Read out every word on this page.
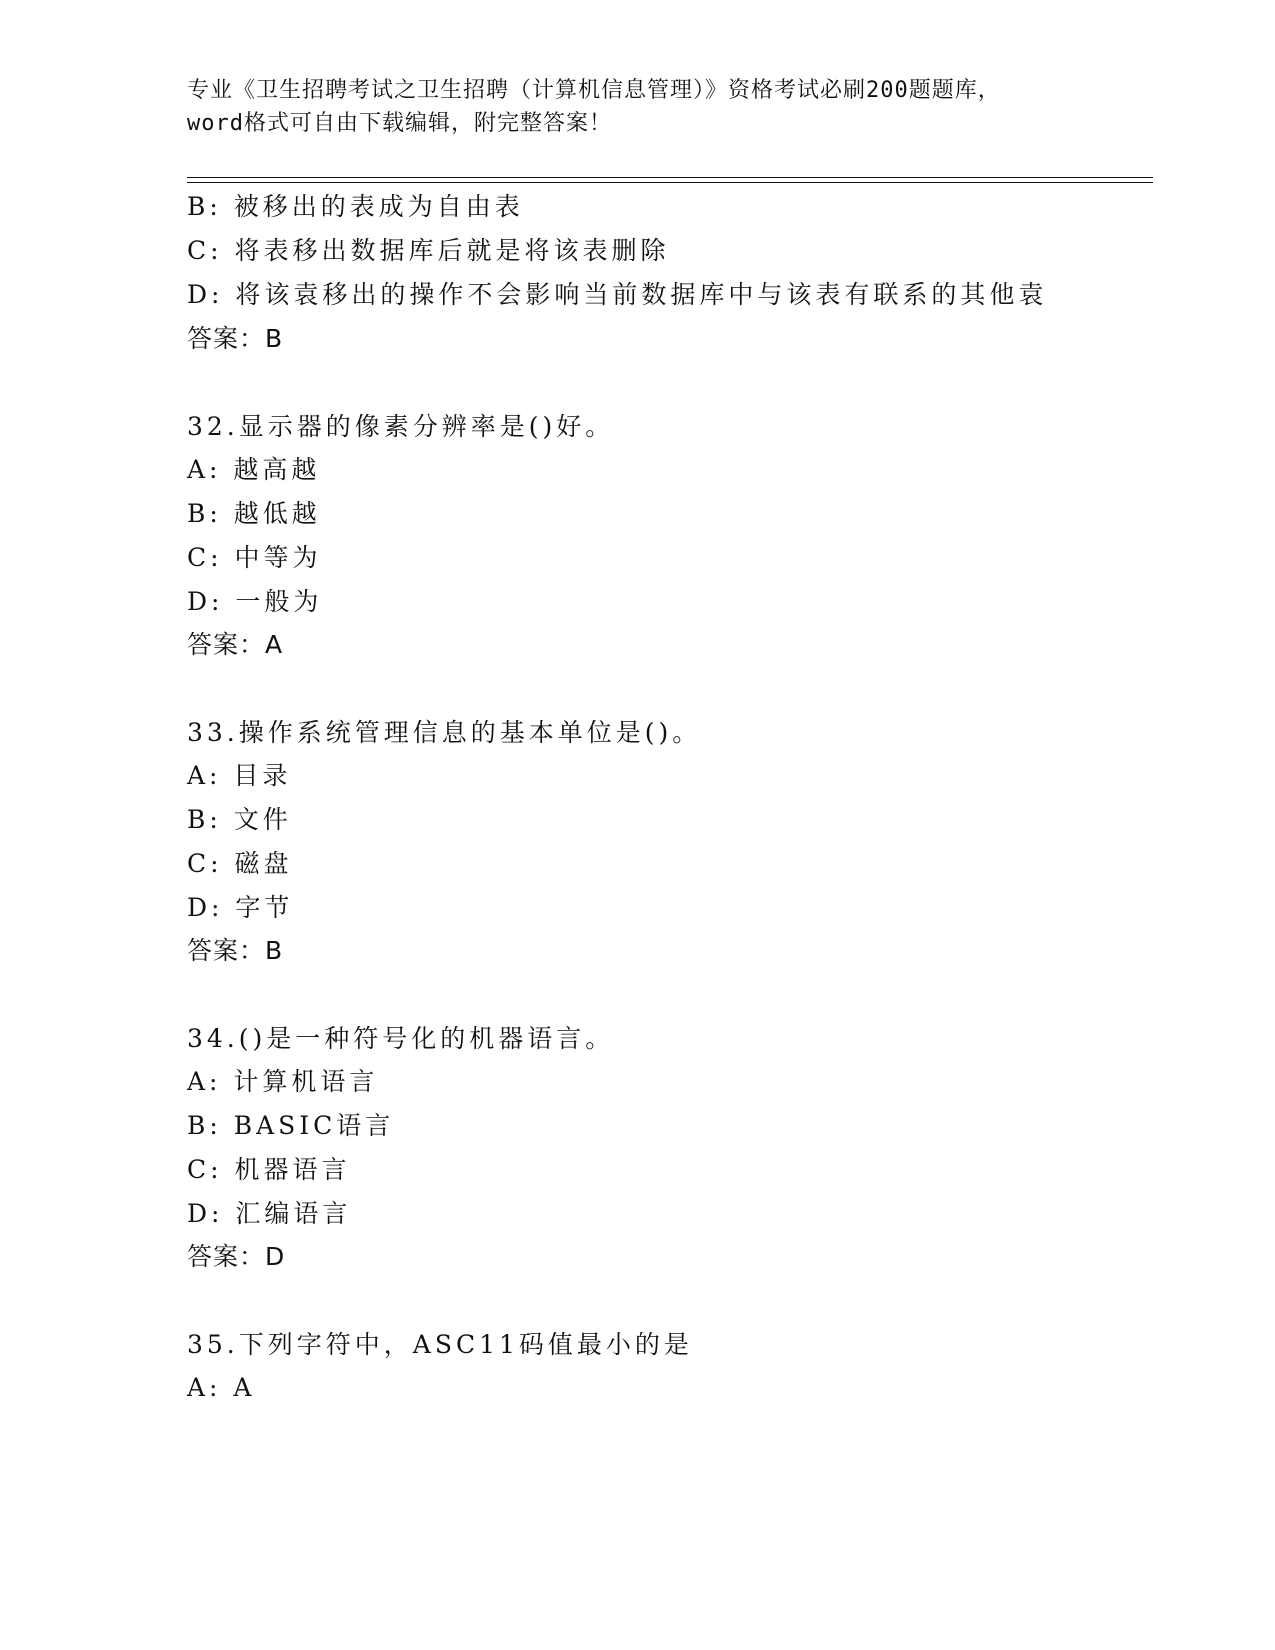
专业《卫生招聘考试之卫生招聘（计算机信息管理）》资格考试必刷200题题库，
word格式可自由下载编辑，附完整答案！
B: 被移出的表成为自由表
C: 将表移出数据库后就是将该表删除
D: 将该袁移出的操作不会影响当前数据库中与该表有联系的其他袁
答案：B
32.显示器的像素分辨率是()好。
A: 越高越
B: 越低越
C: 中等为
D: 一般为
答案：A
33.操作系统管理信息的基本单位是()。
A: 目录
B: 文件
C: 磁盘
D: 字节
答案：B
34.()是一种符号化的机器语言。
A: 计算机语言
B: BASIC语言
C: 机器语言
D: 汇编语言
答案：D
35.下列字符中，ASC11码值最小的是
A: A
